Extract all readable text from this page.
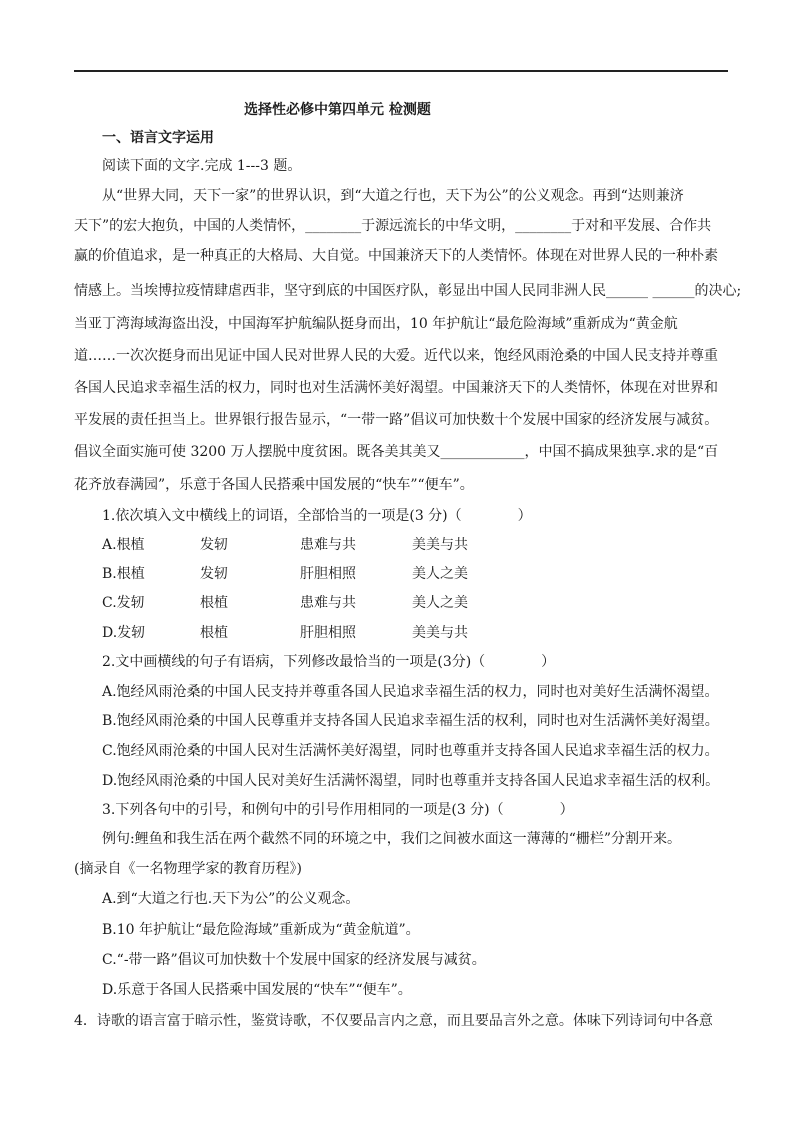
选择性必修中第四单元 检测题
一、语言文字运用
阅读下面的文字.完成 1---3 题。
从“世界大同，天下一家”的世界认识，到“大道之行也，天下为公”的公义观念。再到“达则兼济
天下”的宏大抱负，中国的人类情怀，________于源远流长的中华文明，________于对和平发展、合作共
赢的价值追求，是一种真正的大格局、大自觉。中国兼济天下的人类情怀。体现在对世界人民的一种朴素
情感上。当埃博拉疫情肆虐西非，坚守到底的中国医疗队，彰显出中国人民同非洲人民______ ______的决心;
当亚丁湾海域海盗出没，中国海军护航编队挺身而出，10 年护航让“最危险海域”重新成为“黄金航
道……一次次挺身而出见证中国人民对世界人民的大爱。近代以来，饱经风雨沧桑的中国人民支持并尊重
各国人民追求幸福生活的权力，同时也对生活满怀美好渴望。中国兼济天下的人类情怀，体现在对世界和
平发展的责任担当上。世界银行报告显示，“一带一路”倡议可加快数十个发展中国家的经济发展与减贫。
倡议全面实施可使 3200 万人摆脱中度贫困。既各美其美又____________，中国不搞成果独享.求的是“百
花齐放春满园”，乐意于各国人民搭乘中国发展的“快车”“便车”。
1.依次填入文中横线上的词语，全部恰当的一项是(3 分)（　　　　）
A.根植	发轫	患难与共	美美与共
B.根植	发轫	肝胆相照	美人之美
C.发轫	根植	患难与共	美人之美
D.发轫	根植	肝胆相照	美美与共
2.文中画横线的句子有语病，下列修改最恰当的一项是(3分)（　　　　）
A.饱经风雨沧桑的中国人民支持并尊重各国人民追求幸福生活的权力，同时也对美好生活满怀渴望。
B.饱经风雨沧桑的中国人民尊重并支持各国人民追求幸福生活的权利，同时也对生活满怀美好渴望。
C.饱经风雨沧桑的中国人民对生活满怀美好渴望，同时也尊重并支持各国人民追求幸福生活的权力。
D.饱经风雨沧桑的中国人民对美好生活满怀渴望，同时也尊重并支持各国人民追求幸福生活的权利。
3.下列各句中的引号，和例句中的引号作用相同的一项是(3 分)（　　　　）
例句:鲤鱼和我生活在两个截然不同的环境之中，我们之间被水面这一薄薄的“栅栏”分割开来。
(摘录自《一名物理学家的教育历程》)
A.到“大道之行也.天下为公”的公义观念。
B.10 年护航让“最危险海域”重新成为“黄金航道”。
C.“-带一路”倡议可加快数十个发展中国家的经济发展与减贫。
D.乐意于各国人民搭乘中国发展的“快车”“便车”。
4．诗歌的语言富于暗示性，鉴赏诗歌，不仅要品言内之意，而且要品言外之意。体味下列诗词句中各意
